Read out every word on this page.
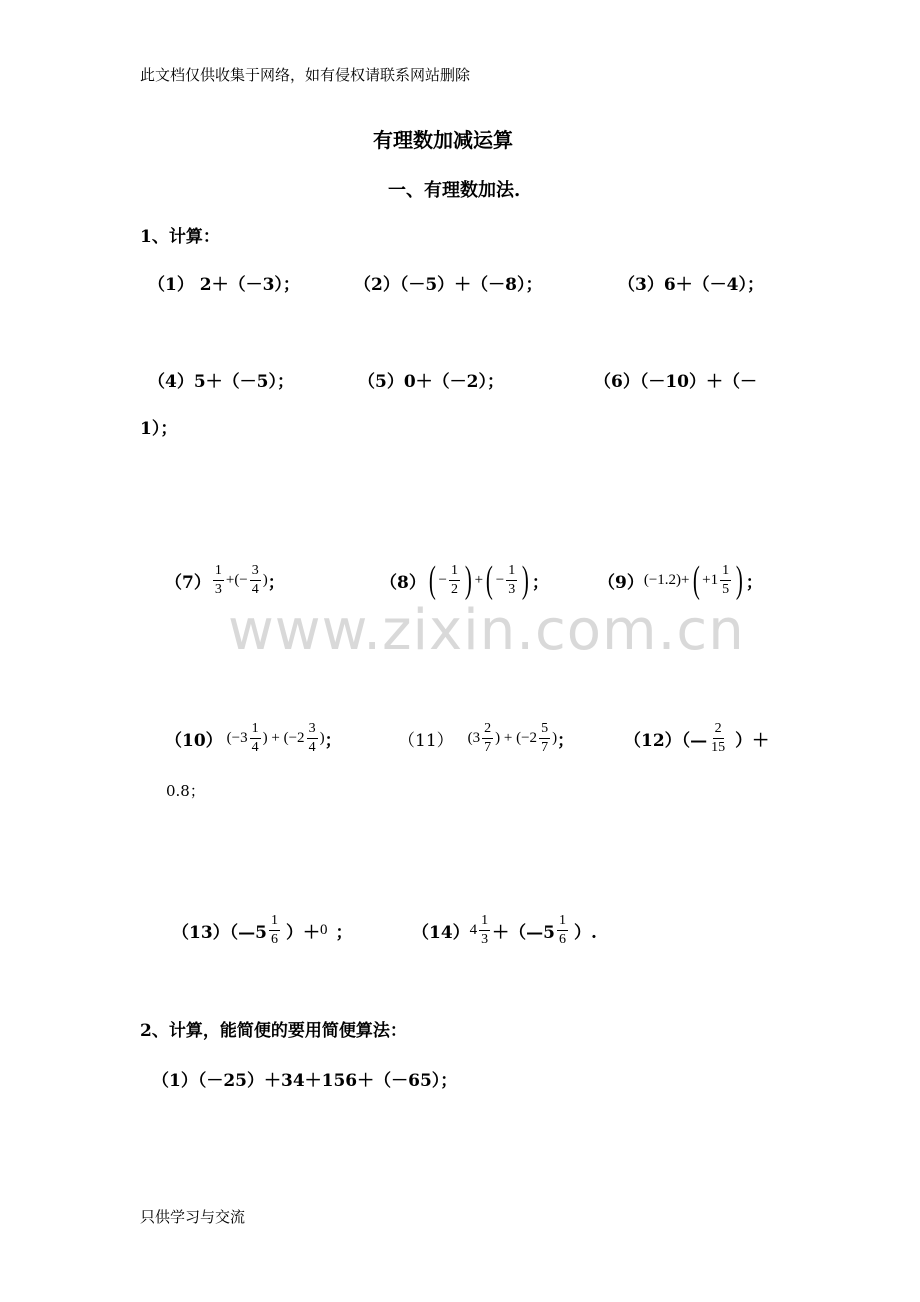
此文档仅供收集于网络，如有侵权请联系网站删除
有理数加减运算
一、有理数加法.
1、计算：
（1） 2＋（－3）；	（2）（－5）＋（－8）；	（3）6＋（－4）；
（4）5＋（－5）；	（5）0＋（－2）；	（6）（－10）＋（－
1）；
$(7) \frac{1}{3}$ + (− $\frac{3}{4}$ ) ；	（8） ( − $\frac{1}{2}$ ) + ( − $\frac{1}{3}$ ) ；	（9） (−1.2) + ( $+1 \frac{1}{5}$ ) ；
（10） ($-3 \frac{1}{4}$ ) + ($-2 \frac{3}{4}$ ) ；	（11） ($3 \frac{2}{7}$ ) + ($-2 \frac{5}{7}$ ) ；	（12）（— $\frac{2}{15}$ ）＋
0.8；
（13）（—5 $\frac{1}{6}$ ）＋ 0 ；	（14） $4 \frac{1}{3}$ ＋（—5 $\frac{1}{6}$ ）.
2、计算，能简便的要用简便算法：
（1）（－25）＋34＋156＋（－65）；
www.zixin.com.cn
只供学习与交流
